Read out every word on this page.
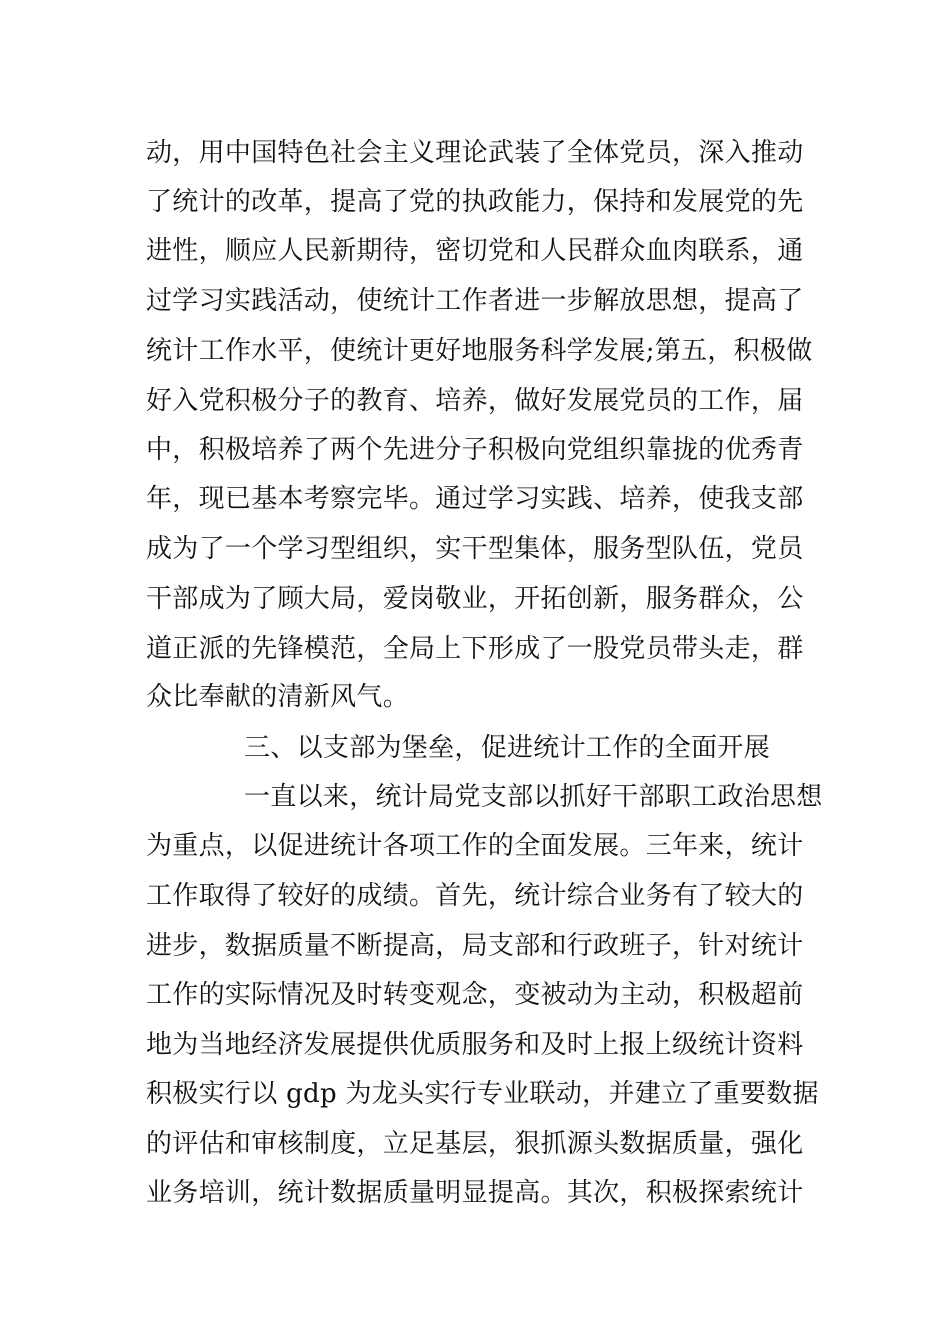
动，用中国特色社会主义理论武装了全体党员，深入推动
了统计的改革，提高了党的执政能力，保持和发展党的先
进性，顺应人民新期待，密切党和人民群众血肉联系，通
过学习实践活动，使统计工作者进一步解放思想，提高了
统计工作水平，使统计更好地服务科学发展;第五，积极做
好入党积极分子的教育、培养，做好发展党员的工作，届
中，积极培养了两个先进分子积极向党组织靠拢的优秀青
年，现已基本考察完毕。通过学习实践、培养，使我支部
成为了一个学习型组织，实干型集体，服务型队伍，党员
干部成为了顾大局，爱岗敬业，开拓创新，服务群众，公
道正派的先锋模范，全局上下形成了一股党员带头走，群
众比奉献的清新风气。
三、以支部为堡垒，促进统计工作的全面开展
一直以来，统计局党支部以抓好干部职工政治思想
为重点，以促进统计各项工作的全面发展。三年来，统计
工作取得了较好的成绩。首先，统计综合业务有了较大的
进步，数据质量不断提高，局支部和行政班子，针对统计
工作的实际情况及时转变观念，变被动为主动，积极超前
地为当地经济发展提供优质服务和及时上报上级统计资料
积极实行以 gdp 为龙头实行专业联动，并建立了重要数据
的评估和审核制度，立足基层，狠抓源头数据质量，强化
业务培训，统计数据质量明显提高。其次，积极探索统计
